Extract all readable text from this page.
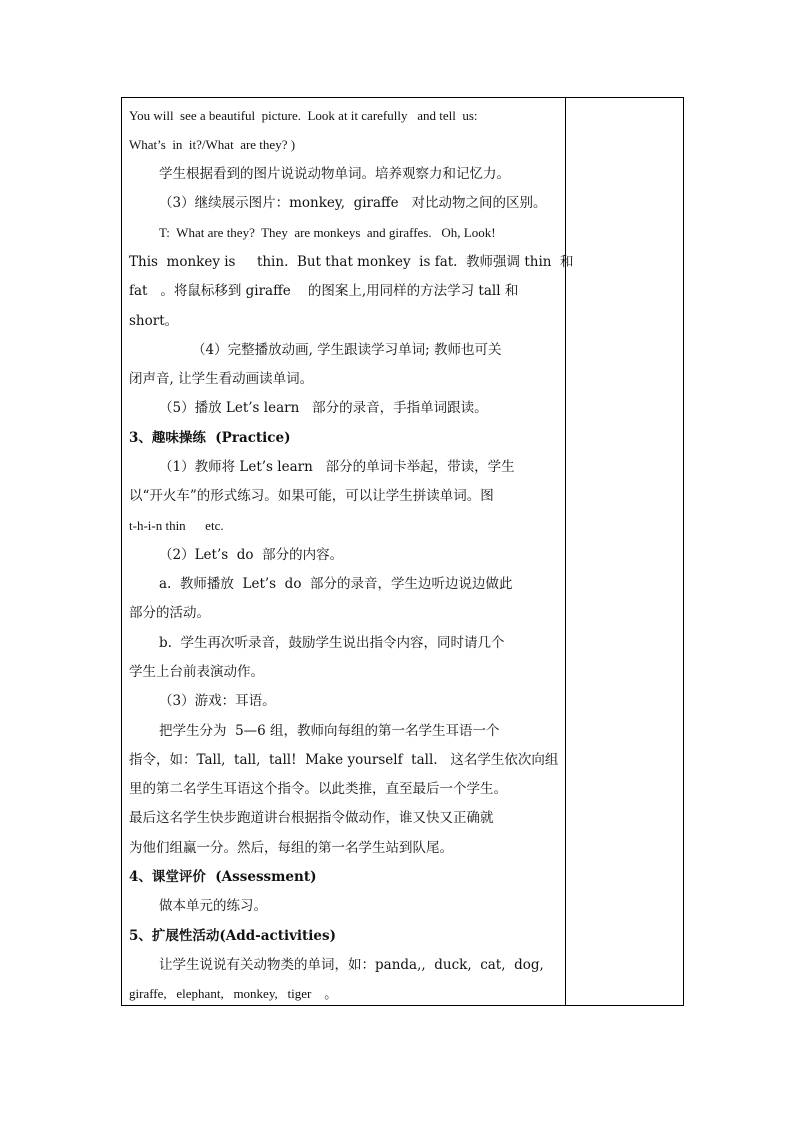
You will  see a beautiful  picture.  Look at it carefully   and tell  us:
What’s  in  it?/What  are they? )
学生根据看到的图片说说动物单词。培养观察力和记忆力。
（3）继续展示图片：monkey,  giraffe   对比动物之间的区别。
T:  What are they?  They  are monkeys  and giraffes.   Oh, Look!
This  monkey is     thin.  But that monkey  is fat.  教师强调 thin  和
fat   。将鼠标移到 giraffe    的图案上,用同样的方法学习 tall 和
short。
（4）完整播放动画, 学生跟读学习单词; 教师也可关
闭声音, 让学生看动画读单词。
（5）播放 Let’s learn   部分的录音，手指单词跟读。
3、趣味操练  (Practice)
（1）教师将 Let’s learn   部分的单词卡举起，带读，学生
以“开火车”的形式练习。如果可能，可以让学生拼读单词。图
t-h-i-n thin      etc.
（2）Let’s  do  部分的内容。
a.  教师播放  Let’s  do  部分的录音，学生边听边说边做此
部分的活动。
b.  学生再次听录音，鼓励学生说出指令内容，同时请几个
学生上台前表演动作。
（3）游戏：耳语。
把学生分为  5—6 组，教师向每组的第一名学生耳语一个
指令，如：Tall,  tall,  tall!  Make yourself  tall.   这名学生依次向组
里的第二名学生耳语这个指令。以此类推，直至最后一个学生。
最后这名学生快步跑道讲台根据指令做动作，谁又快又正确就
为他们组赢一分。然后，每组的第一名学生站到队尾。
4、课堂评价  (Assessment)
做本单元的练习。
5、扩展性活动(Add-activities)
让学生说说有关动物类的单词，如：panda,,  duck,  cat,  dog,
giraffe,   elephant,   monkey,   tiger    。
